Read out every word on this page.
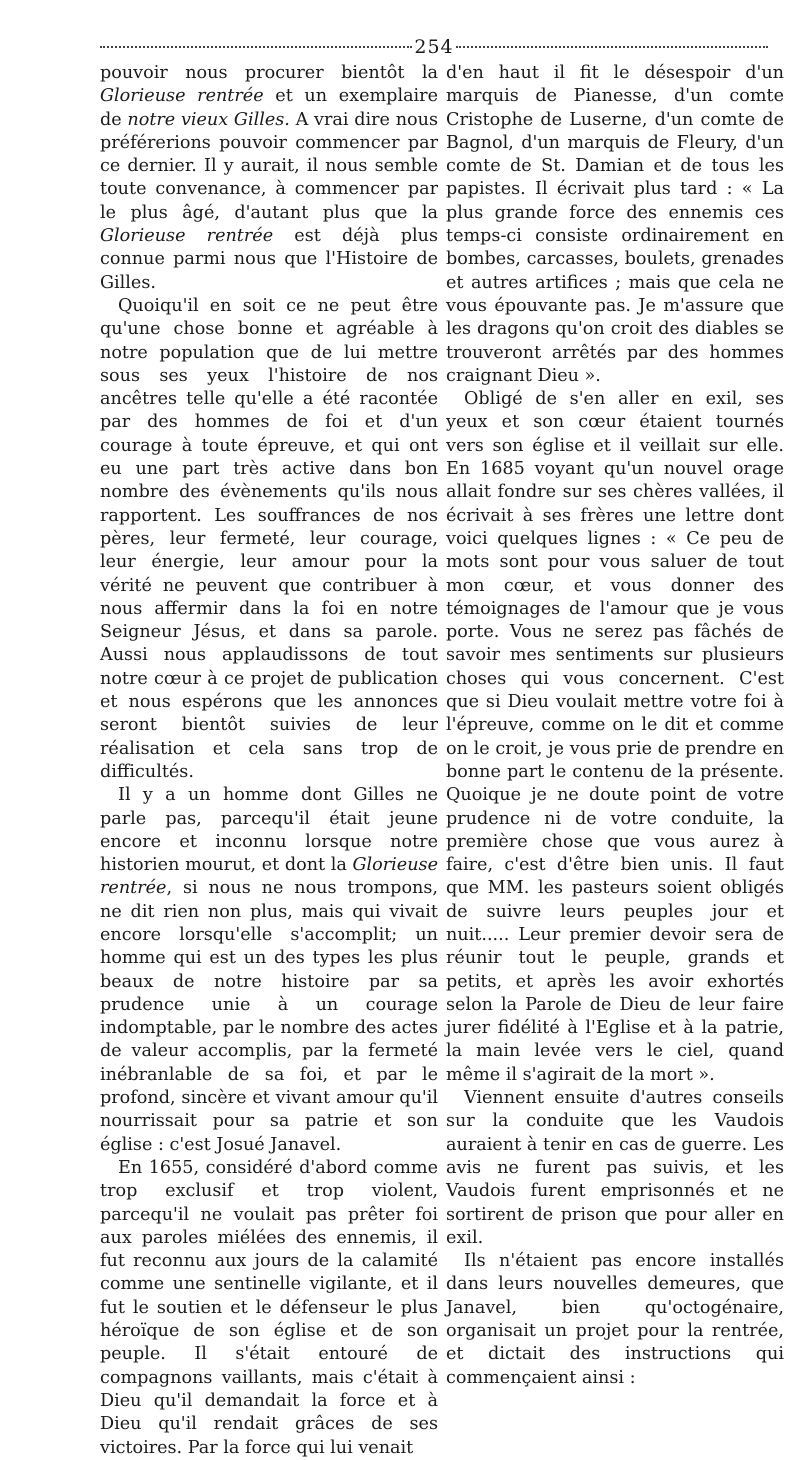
254

pouvoir nous procurer bientôt la Glorieuse rentrée et un exemplaire de notre vieux Gilles. A vrai dire nous préférerions pouvoir commencer par ce dernier. Il y aurait, il nous semble toute convenance, à commencer par le plus âgé, d'autant plus que la Glorieuse rentrée est déjà plus connue parmi nous que l'Histoire de Gilles.

Quoiqu'il en soit ce ne peut être qu'une chose bonne et agréable à notre population que de lui mettre sous ses yeux l'histoire de nos ancêtres telle qu'elle a été racontée par des hommes de foi et d'un courage à toute épreuve, et qui ont eu une part très active dans bon nombre des évènements qu'ils nous rapportent. Les souffrances de nos pères, leur fermeté, leur courage, leur énergie, leur amour pour la vérité ne peuvent que contribuer à nous affermir dans la foi en notre Seigneur Jésus, et dans sa parole. Aussi nous applaudissons de tout notre cœur à ce projet de publication et nous espérons que les annonces seront bientôt suivies de leur réalisation et cela sans trop de difficultés.

Il y a un homme dont Gilles ne parle pas, parcequ'il était jeune encore et inconnu lorsque notre historien mourut, et dont la Glorieuse rentrée, si nous ne nous trompons, ne dit rien non plus, mais qui vivait encore lorsqu'elle s'accomplit; un homme qui est un des types les plus beaux de notre histoire par sa prudence unie à un courage indomptable, par le nombre des actes de valeur accomplis, par la fermeté inébranlable de sa foi, et par le profond, sincère et vivant amour qu'il nourrissait pour sa patrie et son église : c'est Josué Janavel.

En 1655, considéré d'abord comme trop exclusif et trop violent, parcequ'il ne voulait pas prêter foi aux paroles miélées des ennemis, il fut reconnu aux jours de la calamité comme une sentinelle vigilante, et il fut le soutien et le défenseur le plus héroïque de son église et de son peuple. Il s'était entouré de compagnons vaillants, mais c'était à Dieu qu'il demandait la force et à Dieu qu'il rendait grâces de ses victoires. Par la force qui lui venait

d'en haut il fit le désespoir d'un marquis de Pianesse, d'un comte Cristophe de Luserne, d'un comte de Bagnol, d'un marquis de Fleury, d'un comte de St. Damian et de tous les papistes. Il écrivait plus tard : « La plus grande force des ennemis ces temps-ci consiste ordinairement en bombes, carcasses, boulets, grenades et autres artifices ; mais que cela ne vous épouvante pas. Je m'assure que les dragons qu'on croit des diables se trouveront arrêtés par des hommes craignant Dieu ».

Obligé de s'en aller en exil, ses yeux et son cœur étaient tournés vers son église et il veillait sur elle. En 1685 voyant qu'un nouvel orage allait fondre sur ses chères vallées, il écrivait à ses frères une lettre dont voici quelques lignes : « Ce peu de mots sont pour vous saluer de tout mon cœur, et vous donner des témoignages de l'amour que je vous porte. Vous ne serez pas fâchés de savoir mes sentiments sur plusieurs choses qui vous concernent. C'est que si Dieu voulait mettre votre foi à l'épreuve, comme on le dit et comme on le croit, je vous prie de prendre en bonne part le contenu de la présente. Quoique je ne doute point de votre prudence ni de votre conduite, la première chose que vous aurez à faire, c'est d'être bien unis. Il faut que MM. les pasteurs soient obligés de suivre leurs peuples jour et nuit..... Leur premier devoir sera de réunir tout le peuple, grands et petits, et après les avoir exhortés selon la Parole de Dieu de leur faire jurer fidélité à l'Eglise et à la patrie, la main levée vers le ciel, quand même il s'agirait de la mort ».

Viennent ensuite d'autres conseils sur la conduite que les Vaudois auraient à tenir en cas de guerre. Les avis ne furent pas suivis, et les Vaudois furent emprisonnés et ne sortirent de prison que pour aller en exil.

Ils n'étaient pas encore installés dans leurs nouvelles demeures, que Janavel, bien qu'octogénaire, organisait un projet pour la rentrée, et dictait des instructions qui commençaient ainsi :
